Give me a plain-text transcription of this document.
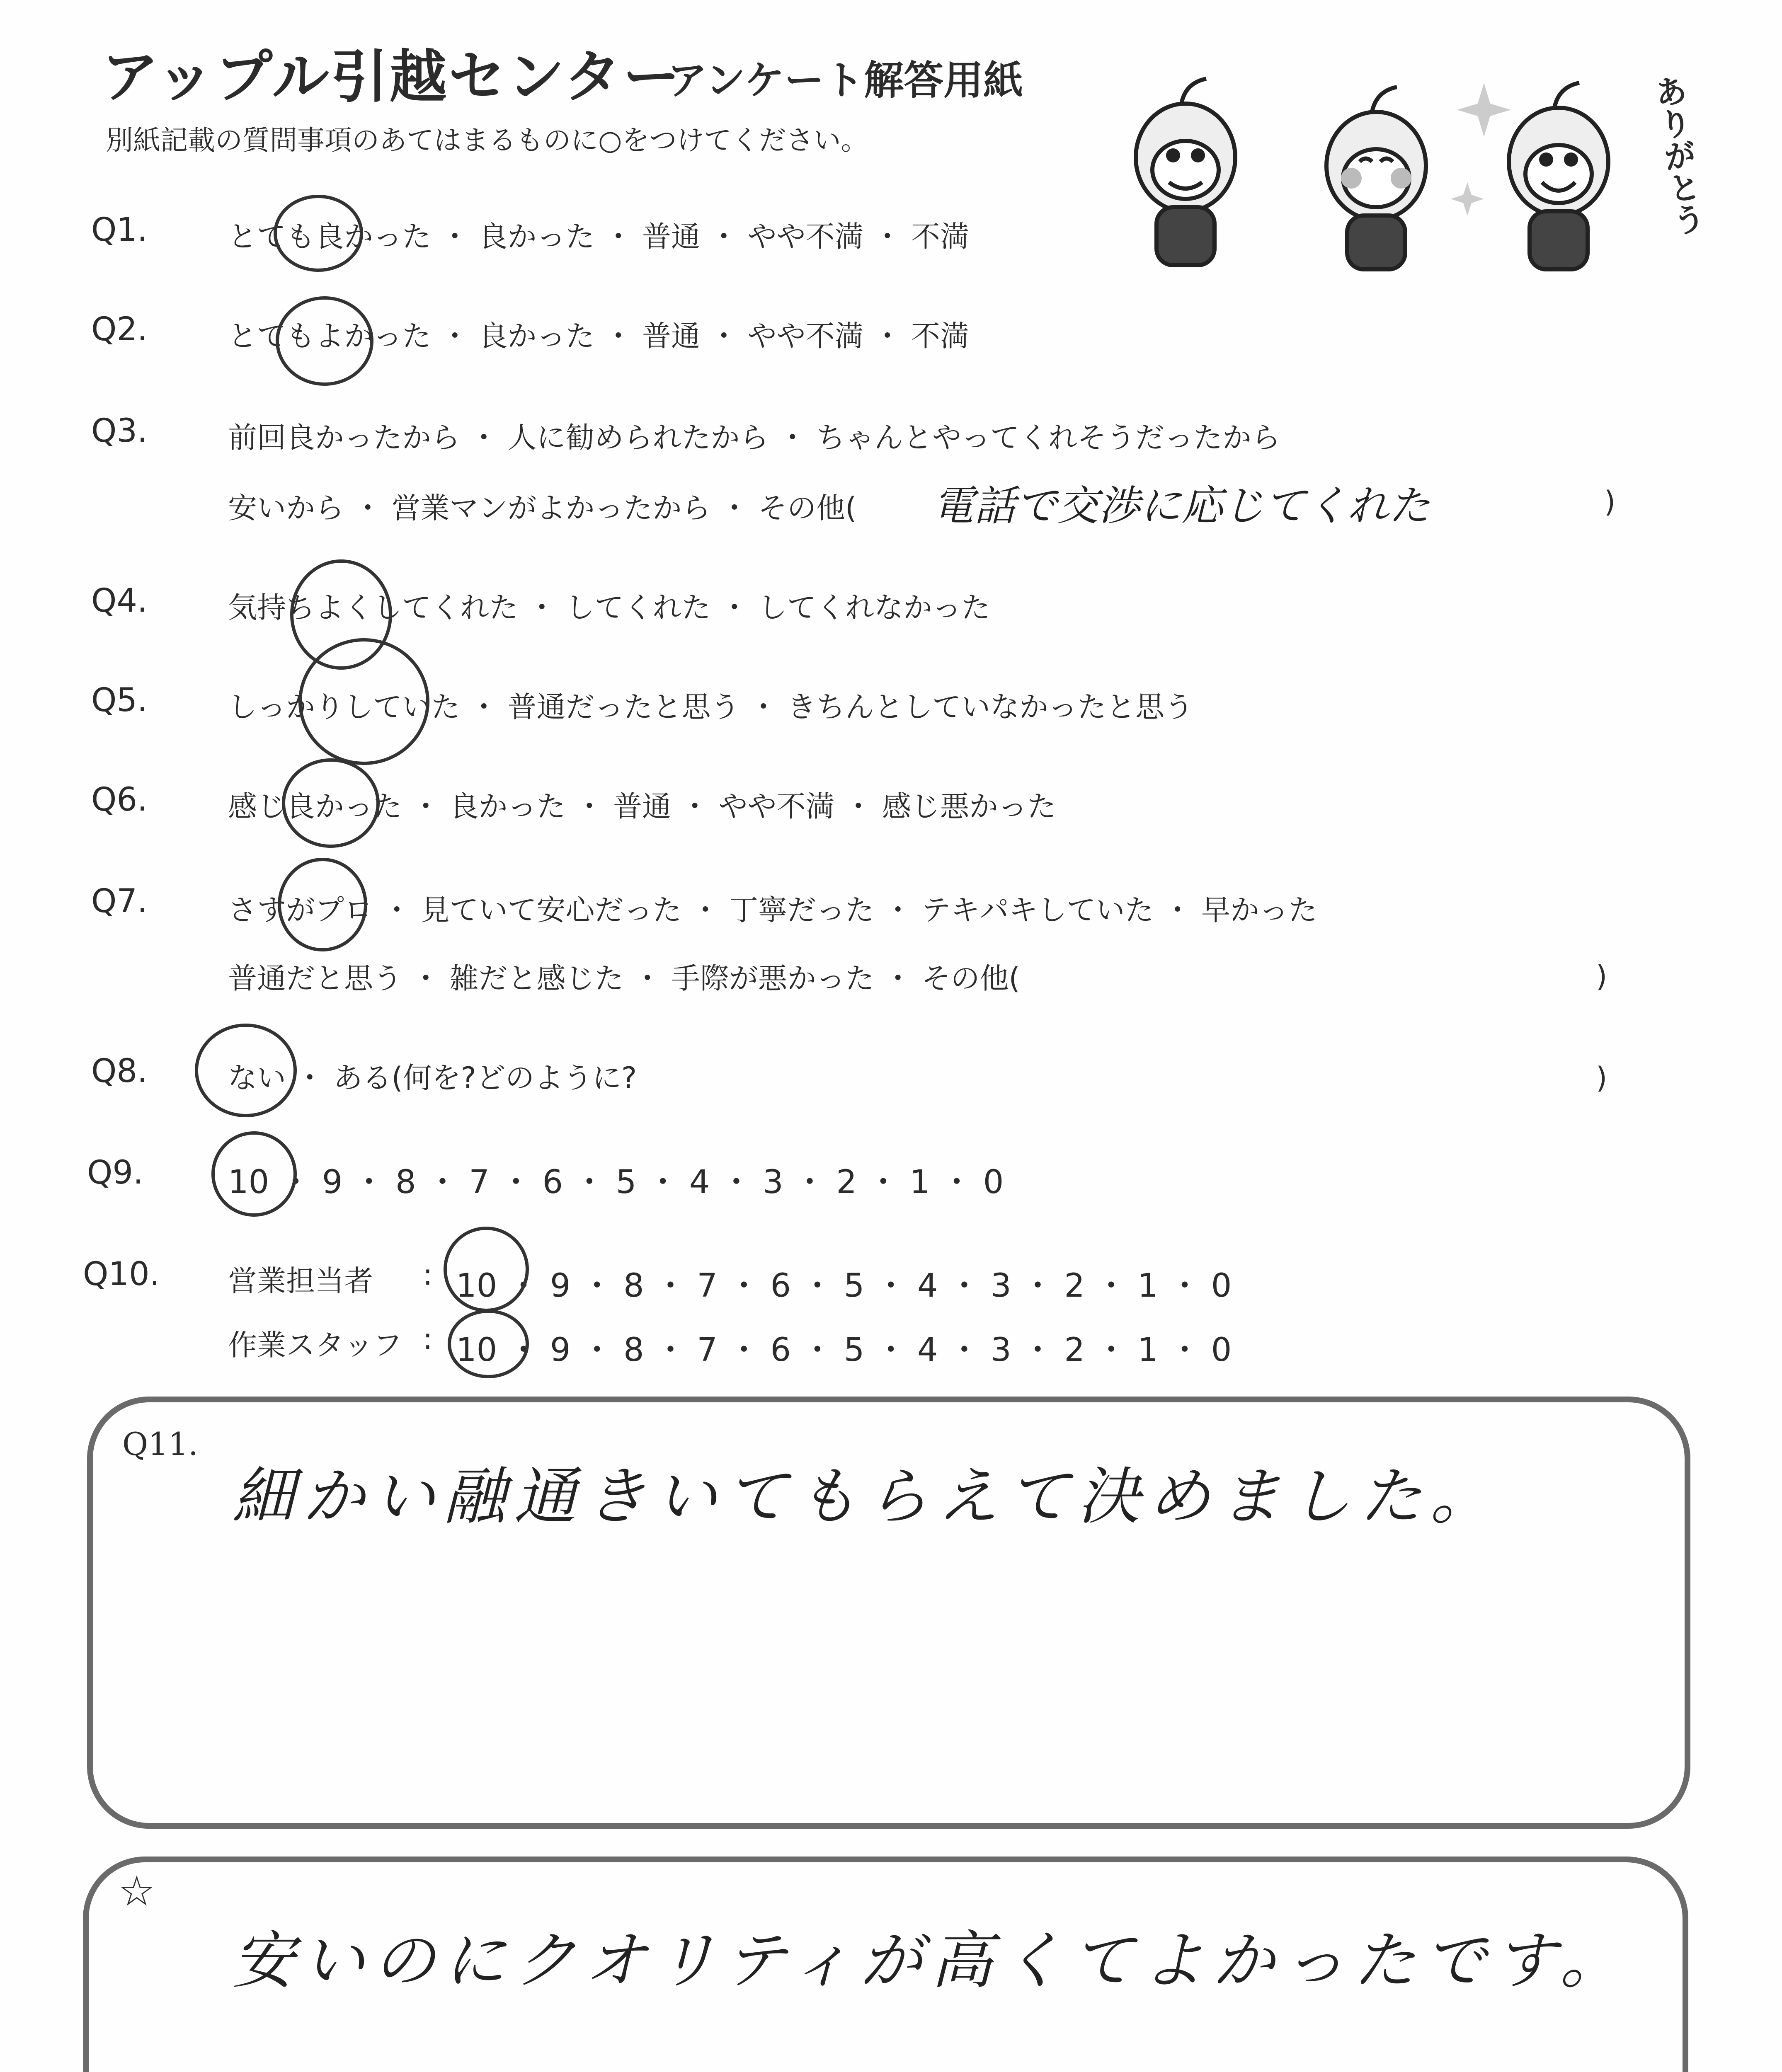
アップル引越センター
アンケート解答用紙
別紙記載の質問事項のあてはまるものに○をつけてください。	ありがとう
Q1.	とても良かった ・ 良かった ・ 普通 ・ やや不満 ・ 不満
Q2.	とてもよかった ・ 良かった ・ 普通 ・ やや不満 ・ 不満
Q3.	前回良かったから ・ 人に勧められたから ・ ちゃんとやってくれそうだったから
安いから ・ 営業マンがよかったから ・ その他( 電話で交渉に応じてくれた	)
Q4.	気持ちよくしてくれた ・ してくれた ・ してくれなかった
Q5.	しっかりしていた ・ 普通だったと思う ・ きちんとしていなかったと思う
Q6.	感じ良かった ・ 良かった ・ 普通 ・ やや不満 ・ 感じ悪かった
Q7.	さすがプロ ・ 見ていて安心だった ・ 丁寧だった ・ テキパキしていた ・ 早かった
普通だと思う ・ 雑だと感じた ・ 手際が悪かった ・ その他(	)
Q8.	ない ・ ある(何を?どのように?	)
Q9.	10 ・ 9 ・ 8 ・ 7 ・ 6 ・ 5 ・ 4 ・ 3 ・ 2 ・ 1 ・ 0
Q10. 営業担当者 : 10 ・ 9 ・ 8 ・ 7 ・ 6 ・ 5 ・ 4 ・ 3 ・ 2 ・ 1 ・ 0
作業スタッフ : 10 ・ 9 ・ 8 ・ 7 ・ 6 ・ 5 ・ 4 ・ 3 ・ 2 ・ 1 ・ 0
Q11.
細かい融通きいてもらえて決めました。
☆
安いのにクオリティが高くてよかったです。
